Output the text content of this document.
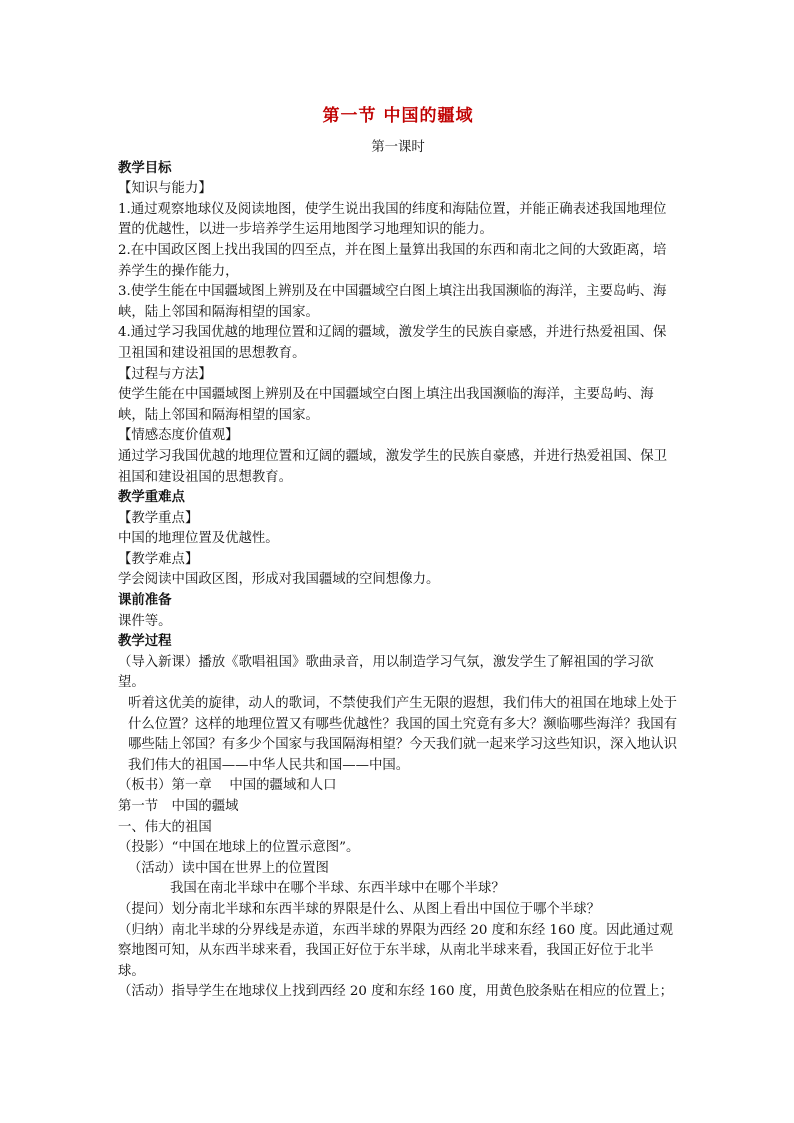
第一节 中国的疆域

第一课时

教学目标

【知识与能力】

1.通过观察地球仪及阅读地图，使学生说出我国的纬度和海陆位置，并能正确表述我国地理位置的优越性，以进一步培养学生运用地图学习地理知识的能力。

2.在中国政区图上找出我国的四至点，并在图上量算出我国的东西和南北之间的大致距离，培养学生的操作能力，

3.使学生能在中国疆域图上辨别及在中国疆域空白图上填注出我国濒临的海洋，主要岛屿、海峡，陆上邻国和隔海相望的国家。

4.通过学习我国优越的地理位置和辽阔的疆域，激发学生的民族自豪感，并进行热爱祖国、保卫祖国和建设祖国的思想教育。

【过程与方法】

使学生能在中国疆域图上辨别及在中国疆域空白图上填注出我国濒临的海洋，主要岛屿、海峡，陆上邻国和隔海相望的国家。

【情感态度价值观】

通过学习我国优越的地理位置和辽阔的疆域，激发学生的民族自豪感，并进行热爱祖国、保卫祖国和建设祖国的思想教育。

教学重难点

【教学重点】

中国的地理位置及优越性。

【教学难点】

学会阅读中国政区图，形成对我国疆域的空间想像力。

课前准备

课件等。

教学过程

（导入新课）播放《歌唱祖国》歌曲录音，用以制造学习气氛，激发学生了解祖国的学习欲望。

听着这优美的旋律，动人的歌词，不禁使我们产生无限的遐想，我们伟大的祖国在地球上处于什么位置？这样的地理位置又有哪些优越性？我国的国土究竟有多大？濒临哪些海洋？我国有哪些陆上邻国？有多少个国家与我国隔海相望？今天我们就一起来学习这些知识，深入地认识我们伟大的祖国——中华人民共和国——中国。

（板书）第一章　 中国的疆域和人口

第一节　中国的疆域

一、伟大的祖国

（投影）“中国在地球上的位置示意图”。

（活动）读中国在世界上的位置图

我国在南北半球中在哪个半球、东西半球中在哪个半球？

（提问）划分南北半球和东西半球的界限是什么、从图上看出中国位于哪个半球？

（归纳）南北半球的分界线是赤道，东西半球的界限为西经 20 度和东经 160 度。因此通过观察地图可知，从东西半球来看，我国正好位于东半球，从南北半球来看，我国正好位于北半球。

（活动）指导学生在地球仪上找到西经 20 度和东经 160 度，用黄色胶条贴在相应的位置上；
